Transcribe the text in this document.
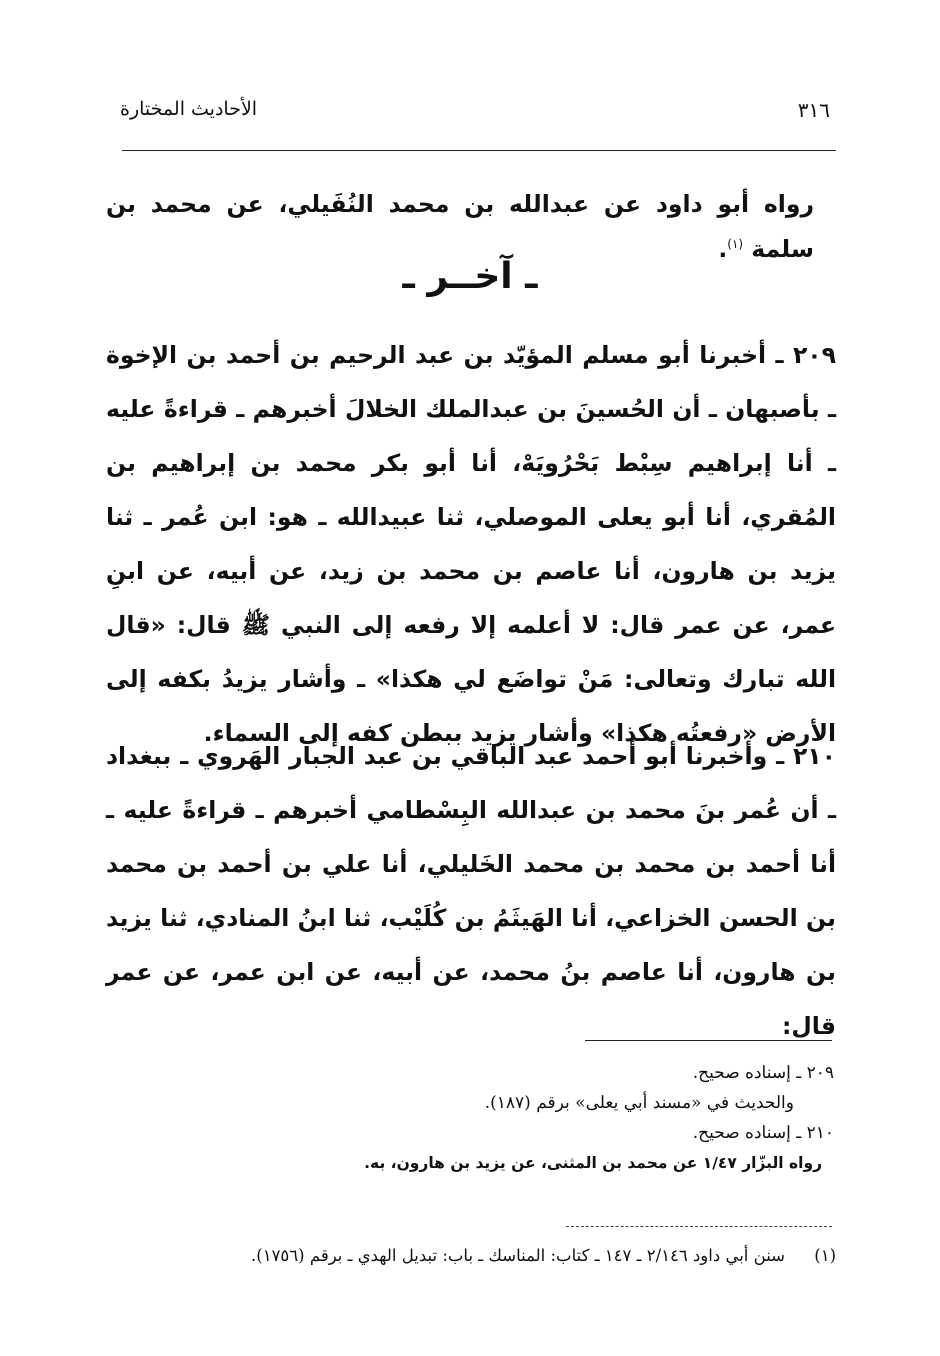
٣١٦
الأحاديث المختارة
رواه أبو داود عن عبدالله بن محمد النُفَيلي، عن محمد بن سلمة $^{(١)}$.
ـ آخــر ـ
٢٠٩ ـ أخبرنا أبو مسلم المؤيّد بن عبد الرحيم بن أحمد بن الإخوة ـ بأصبهان ـ أن الحُسينَ بن عبدالملك الخلالَ أخبرهم ـ قراءةً عليه ـ أنا إبراهيم سِبْط بَحْرُويَهْ، أنا أبو بكر محمد بن إبراهيم بن المُقري، أنا أبو يعلى الموصلي، ثنا عبيدالله ـ هو: ابن عُمر ـ ثنا يزيد بن هارون، أنا عاصم بن محمد بن زيد، عن أبيه، عن ابنِ عمر، عن عمر قال: لا أعلمه إلا رفعه إلى النبي ﷺ قال: «قال الله تبارك وتعالى: مَنْ تواضَع لي هكذا» ـ وأشار يزيدُ بكفه إلى الأرض «رفعتُه هكذا» وأشار يزيد ببطن كفه إلى السماء.
٢١٠ ـ وأخبرنا أبو أحمد عبد الباقي بن عبد الجبار الهَروي ـ ببغداد ـ أن عُمر بنَ محمد بن عبدالله البِسْطامي أخبرهم ـ قراءةً عليه ـ أنا أحمد بن محمد بن محمد الخَليلي، أنا علي بن أحمد بن محمد بن الحسن الخزاعي، أنا الهَيثَمُ بن كُلَيْب، ثنا ابنُ المنادي، ثنا يزيد بن هارون، أنا عاصم بنُ محمد، عن أبيه، عن ابن عمر، عن عمر قال:
٢٠٩ ـ إسناده صحيح.
والحديث في «مسند أبي يعلى» برقم (١٨٧).
٢١٠ ـ إسناده صحيح.
رواه البزّار ١/٤٧ عن محمد بن المثنى، عن يزيد بن هارون، به.
(١) سنن أبي داود ٢/١٤٦ ـ ١٤٧ ـ كتاب: المناسك ـ باب: تبديل الهدي ـ برقم (١٧٥٦).
